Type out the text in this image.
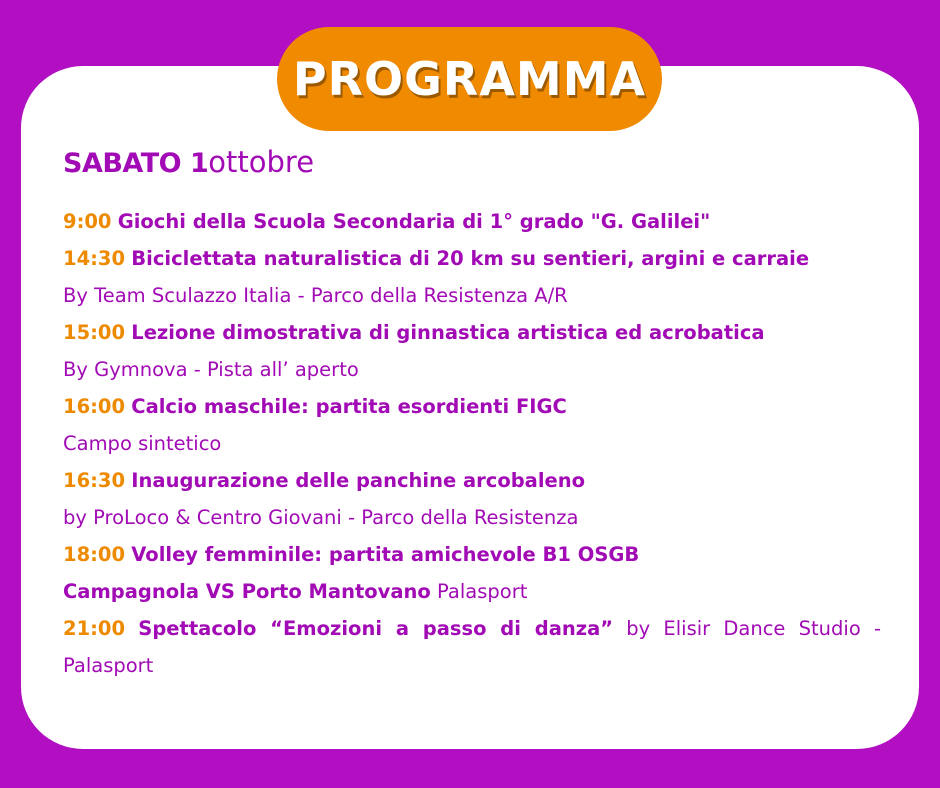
PROGRAMMA
SABATO 1ottobre
9:00 Giochi della Scuola Secondaria di 1° grado "G. Galilei"
14:30 Biciclettata naturalistica di 20 km su sentieri, argini e carraie
By Team Sculazzo Italia - Parco della Resistenza A/R
15:00 Lezione dimostrativa di ginnastica artistica ed acrobatica
By Gymnova - Pista all’ aperto
16:00 Calcio maschile: partita esordienti FIGC
Campo sintetico
16:30 Inaugurazione delle panchine arcobaleno
by ProLoco & Centro Giovani - Parco della Resistenza
18:00 Volley femminile: partita amichevole B1 OSGB
Campagnola VS Porto Mantovano Palasport
21:00 Spettacolo “Emozioni a passo di danza” by Elisir Dance Studio - Palasport
